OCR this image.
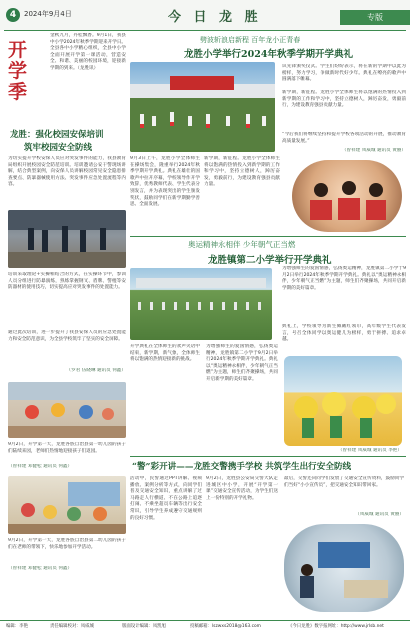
4	2024年9月4日	今 日 龙 胜	专版
开学季
金秋九月，丹桂飘香。9月1日，我县中小学2024年秋季学期迎来开学日。全县各中小学精心组织，全县中小学全面开展开学第一课活动，营造安全、和谐、美丽的校园环境，迎接新学期的到来。（龙胜讯）
龙胜：强化校园安保培训
筑牢校园安全防线
为切实提升学校安保人员应对突发事件的能力，我县教育局组织开展校园安全防范培训。培训邀请公安干警现场讲解，结合典型案例，向安保人员讲解校园常见安全隐患排查要点、防暴器械使用方法、突发事件应急处置流程等内容。
培训采取理论+实操相结合的方式，在实操环节中，参训人员分组进行防暴演练，熟练掌握钢叉、盾牌、警棍等安防器材的使用技巧，切实提高应对突发事件的处置能力。
通过此次培训，进一步提升了我县安保人员的应急处置能力和安全防范意识，为全县学校筑牢了坚实的安全屏障。
（罗君 伍晓琳 通讯员 何鑫）
9月2日，开学第一天，龙胜各族自治县第一幼儿园的孩子们陆续来园，老师们热情地迎接孩子们返园。
（曾祥建 邓健松 通讯员 何鑫）
9月2日，开学第一天，龙胜各族自治县第二幼儿园的孩子们在老师的带领下，快乐地参加开学活动。
（曾祥建 邓健松 通讯员 何鑫）
劈波斩浪启新程 百年龙小正青春
龙胜小学举行2024年秋季学期开学典礼
识先锋颁奖仪式。学生们纷纷表示，将在新的学期中以此为榜样，努力学习，争做新时代好少年。典礼在嘹亮的歌声中圆满落下帷幕。
新学期，新征程。龙胜小学全体师生将以饱满的热情投入到新学期的工作和学习中，坚持立德树人，踔厉奋发，勇毅前行，为建设教育强县贡献力量。
“今后我们将继续坚持和提升学校各项活动的开展，推动教育高质量发展。”
（曾祥建 凤威城 通讯员 黄丽）
9月3日上午，龙胜小学全体师生在操场集会，隆重举行2024年秋季学期开学典礼。典礼在雄壮的国歌声中拉开序幕，学校领导作开学致辞，优秀教师代表、学生代表分别发言，并为表现突出的学生颁发奖状，鼓励同学们在新学期勤学善思、全面发展。
新学期，新征程。龙胜小学全体师生将以饱满的热情投入到新学期的工作和学习中，坚持立德树人，踔厉奋发，勇毅前行，为建设教育强县贡献力量。
奥运精神永相伴 少年朝气正当燃
龙胜镇第二小学举行开学典礼
为增强师生的爱国情感，弘扬奥运精神，龙胜镇第二小学于9月2日举行2024年秋季学期开学典礼。典礼以“奥运精神永相伴，少年朝气正当燃”为主题，师生们齐聚操场，共同开启新学期的美好篇章。
典礼上，学校领导为新生佩戴红领巾，高年级学生代表发言，号召全体同学以奥运健儿为榜样，勇于拼搏、追求卓越。
开学典礼在全体师生的欢声笑语中结束，新学期，新气象，全体师生将以饱满的热情迎接新的挑战。
为增强师生的爱国情感，弘扬奥运精神，龙胜镇第二小学于9月2日举行2024年秋季学期开学典礼。典礼以“奥运精神永相伴，少年朝气正当燃”为主题，师生们齐聚操场，共同开启新学期的美好篇章。
（曾祥建 凤威城 通讯员 李艳）
“警”彩开讲——龙胜交警携手学校 共筑学生出行安全防线
活动中，民警通过PPT讲解、视频播放、案例分析等方式，向同学们普及交通安全知识，重点讲解了过马路走人行横道、不在公路上追逐打闹、不乘坐超员车辆等出行安全常识，引导学生养成遵守交通规则的良好习惯。
9月2日，龙胜县公安局交警大队走进城区中小学，开展“开学第一课”交通安全宣传活动，为学生们送上一份特别的开学礼物。
最后，交警还向同学们发放了交通安全宣传资料，鼓励同学们当好“小小宣传员”，把交通安全知识带回家。
（凤威城 通讯员 黄丽）
编辑：李艳	责任编辑校对：凤威城	版面设计编辑：凤凯旭	投稿邮箱：lszwxs2018@163.com	《今日龙胜》数字报网址：http://www.jrlsb.net
